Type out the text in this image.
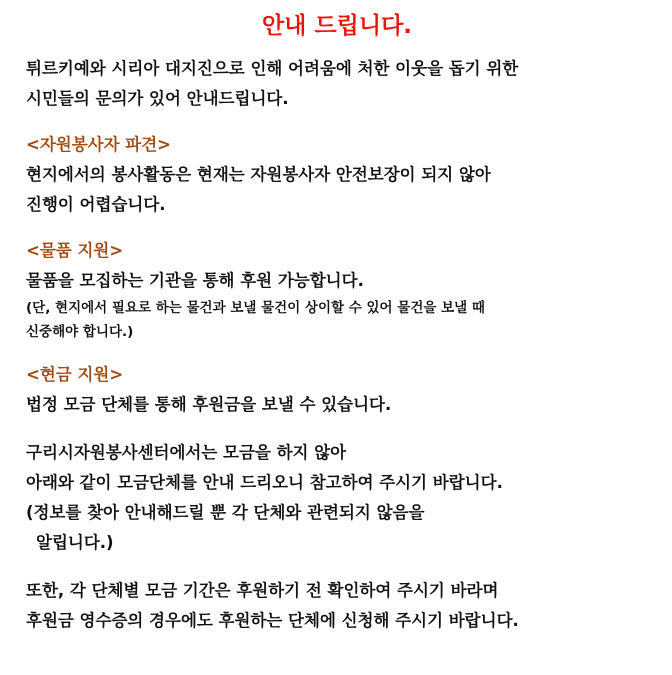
안내 드립니다.

튀르키예와 시리아 대지진으로 인해 어려움에 처한 이웃을 돕기 위한

시민들의 문의가 있어 안내드립니다.

<자원봉사자 파견>

현지에서의 봉사활동은 현재는 자원봉사자 안전보장이 되지 않아

진행이 어렵습니다.

<물품 지원>

물품을 모집하는 기관을 통해 후원 가능합니다.

(단, 현지에서 필요로 하는 물건과 보낼 물건이 상이할 수 있어 물건을 보낼 때

신중해야 합니다.)

<현금 지원>

법정 모금 단체를 통해 후원금을 보낼 수 있습니다.

구리시자원봉사센터에서는 모금을 하지 않아

아래와 같이 모금단체를 안내 드리오니 참고하여 주시기 바랍니다.

(정보를 찾아 안내해드릴 뿐 각 단체와 관련되지 않음을

알립니다.)

또한, 각 단체별 모금 기간은 후원하기 전 확인하여 주시기 바라며

후원금 영수증의 경우에도 후원하는 단체에 신청해 주시기 바랍니다.
